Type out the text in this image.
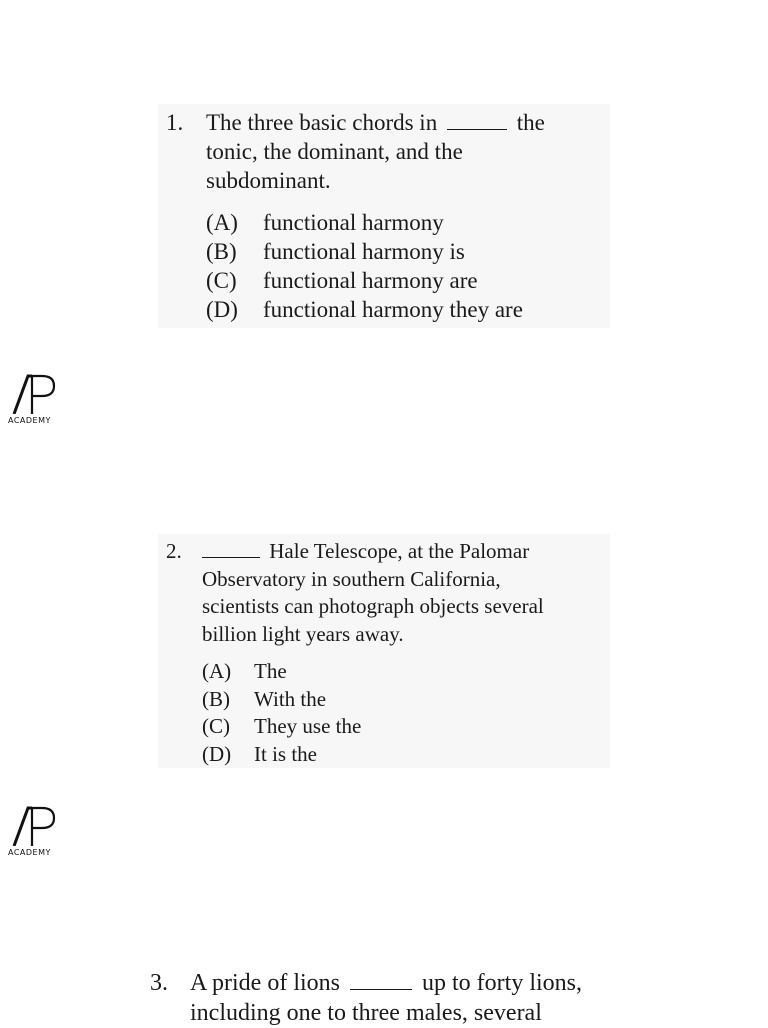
1. The three basic chords in	the
tonic, the dominant, and the
subdominant.
(A) functional harmony
(B) functional harmony is
(C) functional harmony are
(D) functional harmony they are
ACADEMY
2.	Hale Telescope, at the Palomar
Observatory in southern California,
scientists can photograph objects several
billion light years away.
(A) The
(B) With the
(C) They use the
(D) It is the
ACADEMY
3. A pride of lions	up to forty lions,
including one to three males, several
